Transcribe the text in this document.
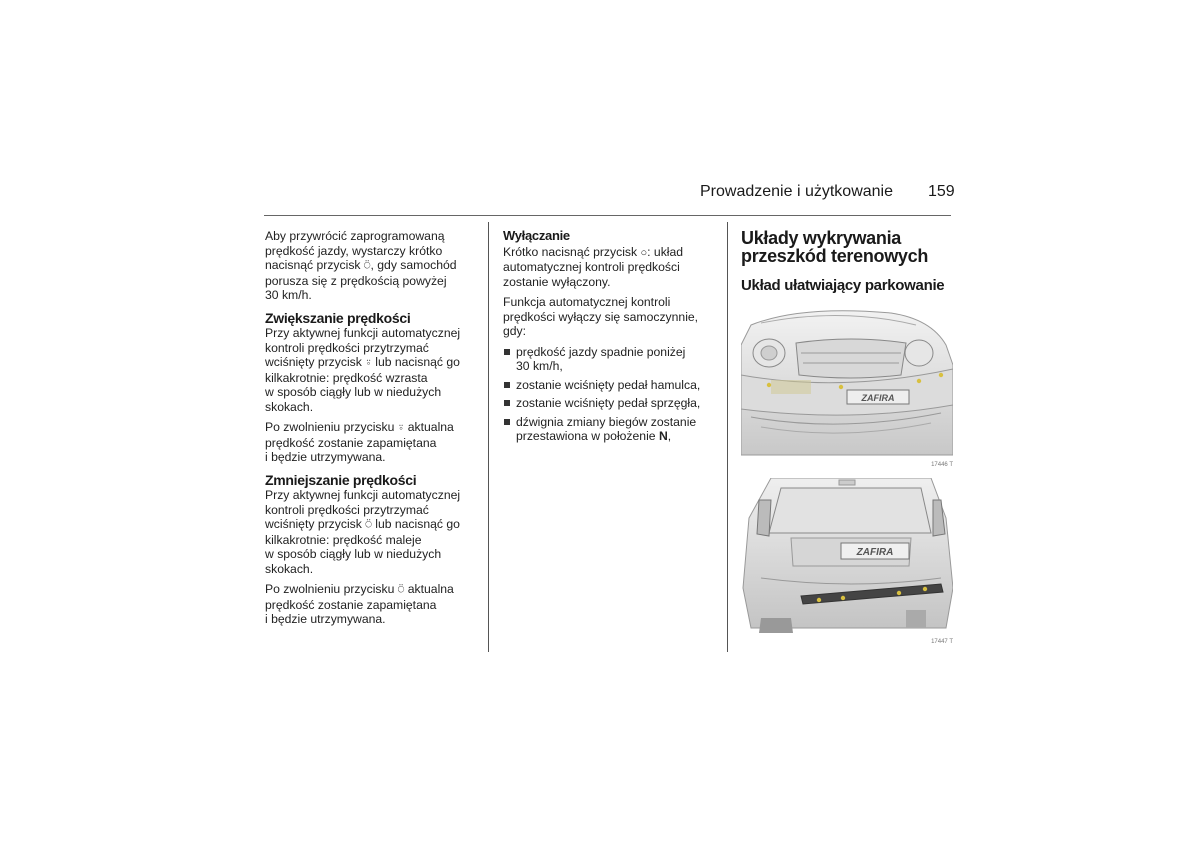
Prowadzenie i użytkowanie 159

Aby przywrócić zaprogramowaną
prędkość jazdy, wystarczy krótko
nacisnąć przycisk ⍥, gdy samochód
porusza się z prędkością powyżej
30 km/h.

Zwiększanie prędkości

Przy aktywnej funkcji automatycznej
kontroli prędkości przytrzymać
wciśnięty przycisk ⍤ lub nacisnąć go
kilkakrotnie: prędkość wzrasta
w sposób ciągły lub w niedużych
skokach.

Po zwolnieniu przycisku ⍤ aktualna
prędkość zostanie zapamiętana
i będzie utrzymywana.

Zmniejszanie prędkości

Przy aktywnej funkcji automatycznej
kontroli prędkości przytrzymać
wciśnięty przycisk ⍥ lub nacisnąć go
kilkakrotnie: prędkość maleje
w sposób ciągły lub w niedużych
skokach.

Po zwolnieniu przycisku ⍥ aktualna
prędkość zostanie zapamiętana
i będzie utrzymywana.

Wyłączanie

Krótko nacisnąć przycisk ○: układ
automatycznej kontroli prędkości
zostanie wyłączony.

Funkcja automatycznej kontroli
prędkości wyłączy się samoczynnie,
gdy:

prędkość jazdy spadnie poniżej
30 km/h,
zostanie wciśnięty pedał hamulca,
zostanie wciśnięty pedał sprzęgła,
dźwignia zmiany biegów zostanie
przestawiona w położenie N,
Układy wykrywania
przeszkód terenowych
Układ ułatwiający parkowanie
ZAFIRA
17446 T
ZAFIRA
17447 T
